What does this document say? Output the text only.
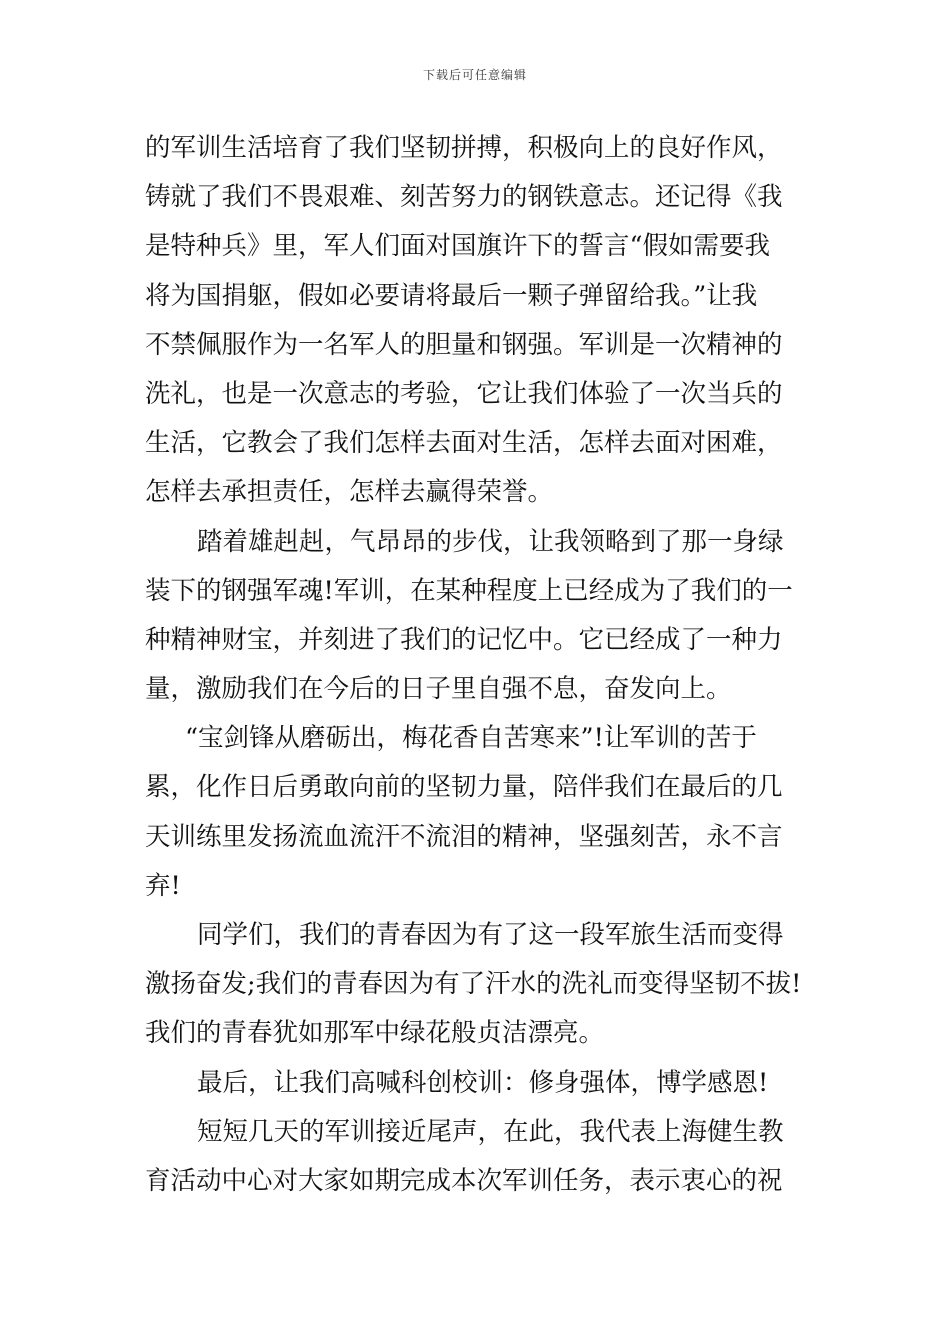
下载后可任意编辑
的军训生活培育了我们坚韧拼搏，积极向上的良好作风，
铸就了我们不畏艰难、刻苦努力的钢铁意志。还记得《我
是特种兵》里，军人们面对国旗许下的誓言“假如需要我
将为国捐躯，假如必要请将最后一颗子弹留给我。”让我
不禁佩服作为一名军人的胆量和钢强。军训是一次精神的
洗礼，也是一次意志的考验，它让我们体验了一次当兵的
生活，它教会了我们怎样去面对生活，怎样去面对困难，
怎样去承担责任，怎样去赢得荣誉。
踏着雄赳赳，气昂昂的步伐，让我领略到了那一身绿
装下的钢强军魂!军训，在某种程度上已经成为了我们的一
种精神财宝，并刻进了我们的记忆中。它已经成了一种力
量，激励我们在今后的日子里自强不息，奋发向上。
“宝剑锋从磨砺出，梅花香自苦寒来”!让军训的苦于
累，化作日后勇敢向前的坚韧力量，陪伴我们在最后的几
天训练里发扬流血流汗不流泪的精神，坚强刻苦，永不言
弃!
同学们，我们的青春因为有了这一段军旅生活而变得
激扬奋发;我们的青春因为有了汗水的洗礼而变得坚韧不拔!
我们的青春犹如那军中绿花般贞洁漂亮。
最后，让我们高喊科创校训：修身强体，博学感恩!
短短几天的军训接近尾声，在此，我代表上海健生教
育活动中心对大家如期完成本次军训任务，表示衷心的祝
